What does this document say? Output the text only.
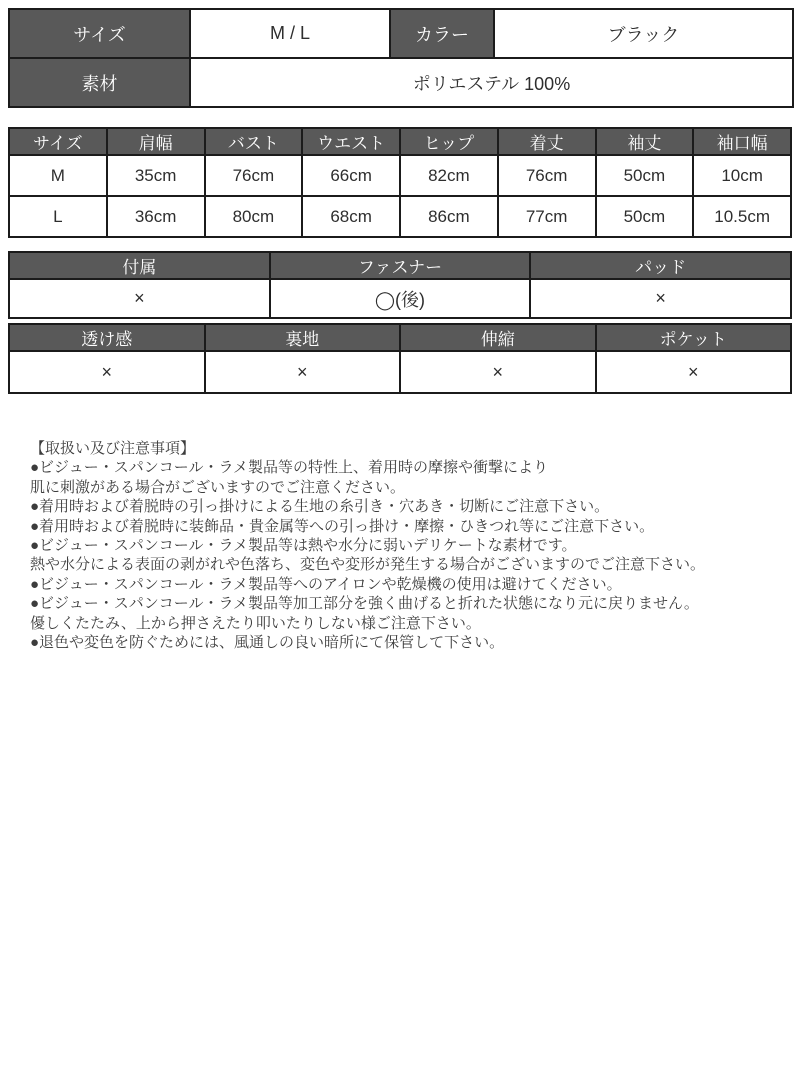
サイズ	M / L	カラー	ブラック
素材	ポリエステル 100%		
サイズ	肩幅	バスト	ウエスト	ヒップ	着丈	袖丈	袖口幅
M	35cm	76cm	66cm	82cm	76cm	50cm	10cm
L	36cm	80cm	68cm	86cm	77cm	50cm	10.5cm
付属	ファスナー	パッド
×	◯(後)	×
透け感	裏地	伸縮	ポケット
×	×	×	×
【取扱い及び注意事項】
●ビジュー・スパンコール・ラメ製品等の特性上、着用時の摩擦や衝撃により
肌に刺激がある場合がございますのでご注意ください。
●着用時および着脱時の引っ掛けによる生地の糸引き・穴あき・切断にご注意下さい。
●着用時および着脱時に装飾品・貴金属等への引っ掛け・摩擦・ひきつれ等にご注意下さい。
●ビジュー・スパンコール・ラメ製品等は熱や水分に弱いデリケートな素材です。
熱や水分による表面の剥がれや色落ち、変色や変形が発生する場合がございますのでご注意下さい。
●ビジュー・スパンコール・ラメ製品等へのアイロンや乾燥機の使用は避けてください。
●ビジュー・スパンコール・ラメ製品等加工部分を強く曲げると折れた状態になり元に戻りません。
優しくたたみ、上から押さえたり叩いたりしない様ご注意下さい。
●退色や変色を防ぐためには、風通しの良い暗所にて保管して下さい。
